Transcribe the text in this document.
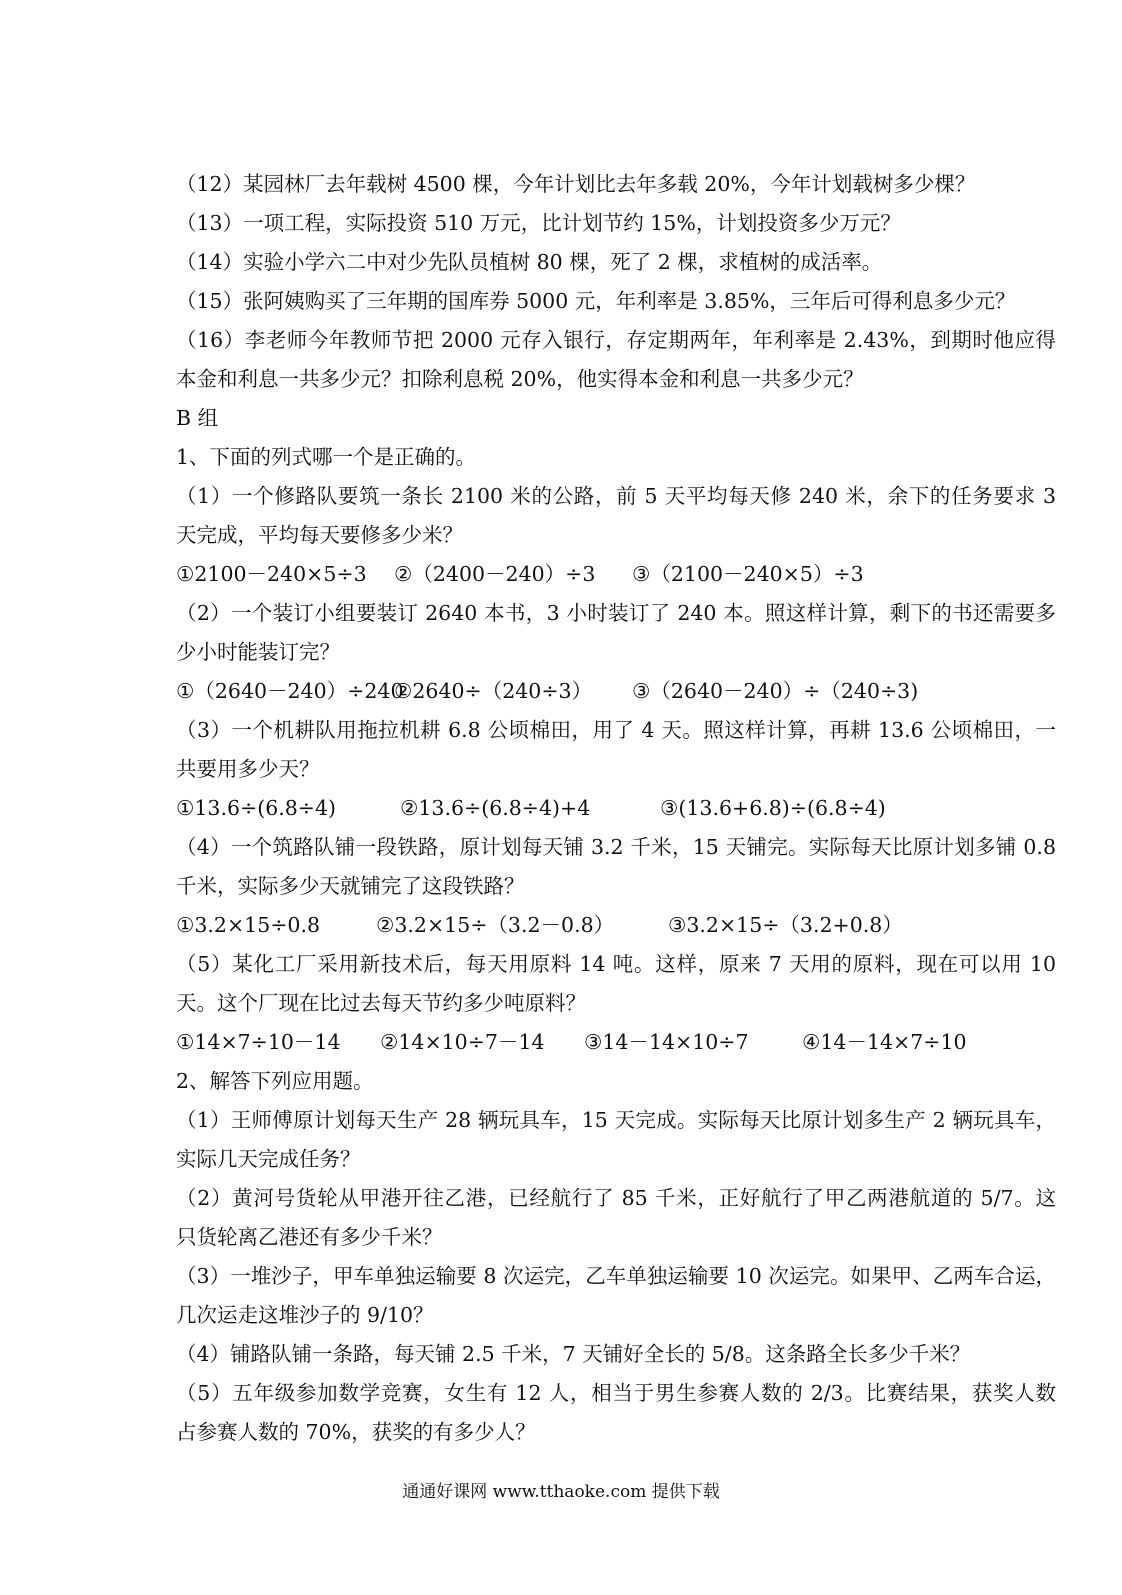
（12）某园林厂去年载树 4500 棵，今年计划比去年多载 20%，今年计划载树多少棵？

（13）一项工程，实际投资 510 万元，比计划节约 15%，计划投资多少万元？

（14）实验小学六二中对少先队员植树 80 棵，死了 2 棵，求植树的成活率。

（15）张阿姨购买了三年期的国库券 5000 元，年利率是 3.85%，三年后可得利息多少元？

（16）李老师今年教师节把 2000 元存入银行，存定期两年，年利率是 2.43%，到期时他应得

本金和利息一共多少元？扣除利息税 20%，他实得本金和利息一共多少元？

B 组

1、下面的列式哪一个是正确的。

（1）一个修路队要筑一条长 2100 米的公路，前 5 天平均每天修 240 米，余下的任务要求 3

天完成，平均每天要修多少米？

①2100－240×5÷3	②（2400－240）÷3	③（2100－240×5）÷3

（2）一个装订小组要装订 2640 本书，3 小时装订了 240 本。照这样计算，剩下的书还需要多

少小时能装订完？

①（2640－240）÷240
②2640÷（240÷3）	③（2640－240）÷（240÷3)

（3）一个机耕队用拖拉机耕 6.8 公顷棉田，用了 4 天。照这样计算，再耕 13.6 公顷棉田，一

共要用多少天？

①13.6÷(6.8÷4)	②13.6÷(6.8÷4)+4	③(13.6+6.8)÷(6.8÷4)

（4）一个筑路队铺一段铁路，原计划每天铺 3.2 千米，15 天铺完。实际每天比原计划多铺 0.8

千米，实际多少天就铺完了这段铁路？

①3.2×15÷0.8	②3.2×15÷（3.2－0.8）	③3.2×15÷（3.2+0.8）

（5）某化工厂采用新技术后，每天用原料 14 吨。这样，原来 7 天用的原料，现在可以用 10

天。这个厂现在比过去每天节约多少吨原料？

①14×7÷10－14	②14×10÷7－14	③14－14×10÷7	④14－14×7÷10

2、解答下列应用题。

（1）王师傅原计划每天生产 28 辆玩具车，15 天完成。实际每天比原计划多生产 2 辆玩具车，

实际几天完成任务？

（2）黄河号货轮从甲港开往乙港，已经航行了 85 千米，正好航行了甲乙两港航道的 5/7。这

只货轮离乙港还有多少千米？

（3）一堆沙子，甲车单独运输要 8 次运完，乙车单独运输要 10 次运完。如果甲、乙两车合运，

几次运走这堆沙子的 9/10？

（4）铺路队铺一条路，每天铺 2.5 千米，7 天铺好全长的 5/8。这条路全长多少千米？

（5）五年级参加数学竞赛，女生有 12 人，相当于男生参赛人数的 2/3。比赛结果，获奖人数

占参赛人数的 70%，获奖的有多少人？

通通好课网 www.tthaoke.com 提供下载
